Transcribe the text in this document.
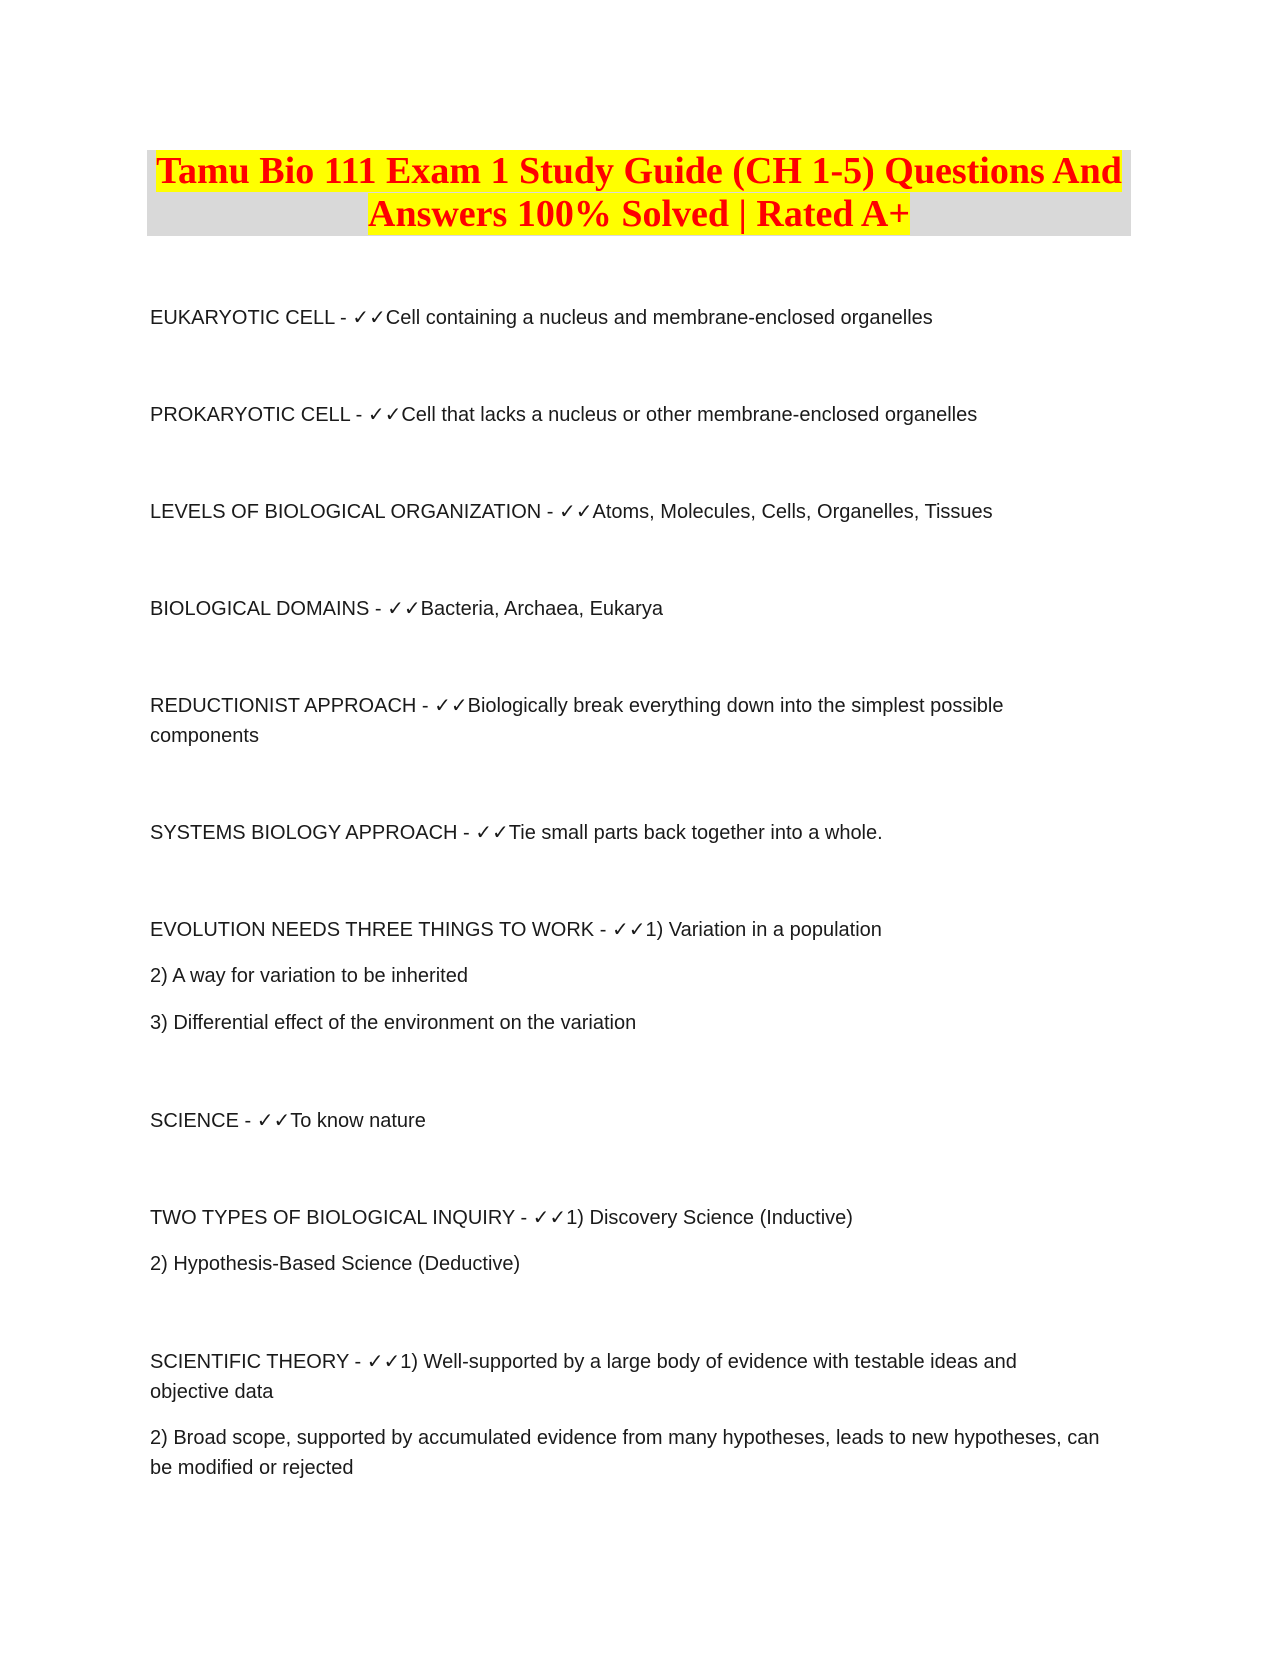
Tamu Bio 111 Exam 1 Study Guide (CH 1-5) Questions And
Answers 100% Solved | Rated A+
EUKARYOTIC CELL - ✓✓Cell containing a nucleus and membrane-enclosed organelles
PROKARYOTIC CELL - ✓✓Cell that lacks a nucleus or other membrane-enclosed organelles
LEVELS OF BIOLOGICAL ORGANIZATION - ✓✓Atoms, Molecules, Cells, Organelles, Tissues
BIOLOGICAL DOMAINS - ✓✓Bacteria, Archaea, Eukarya
REDUCTIONIST APPROACH - ✓✓Biologically break everything down into the simplest possible components
SYSTEMS BIOLOGY APPROACH - ✓✓Tie small parts back together into a whole.
EVOLUTION NEEDS THREE THINGS TO WORK - ✓✓1) Variation in a population
2) A way for variation to be inherited
3) Differential effect of the environment on the variation
SCIENCE - ✓✓To know nature
TWO TYPES OF BIOLOGICAL INQUIRY - ✓✓1) Discovery Science (Inductive)
2) Hypothesis-Based Science (Deductive)
SCIENTIFIC THEORY - ✓✓1) Well-supported by a large body of evidence with testable ideas and objective data
2) Broad scope, supported by accumulated evidence from many hypotheses, leads to new hypotheses, can be modified or rejected
